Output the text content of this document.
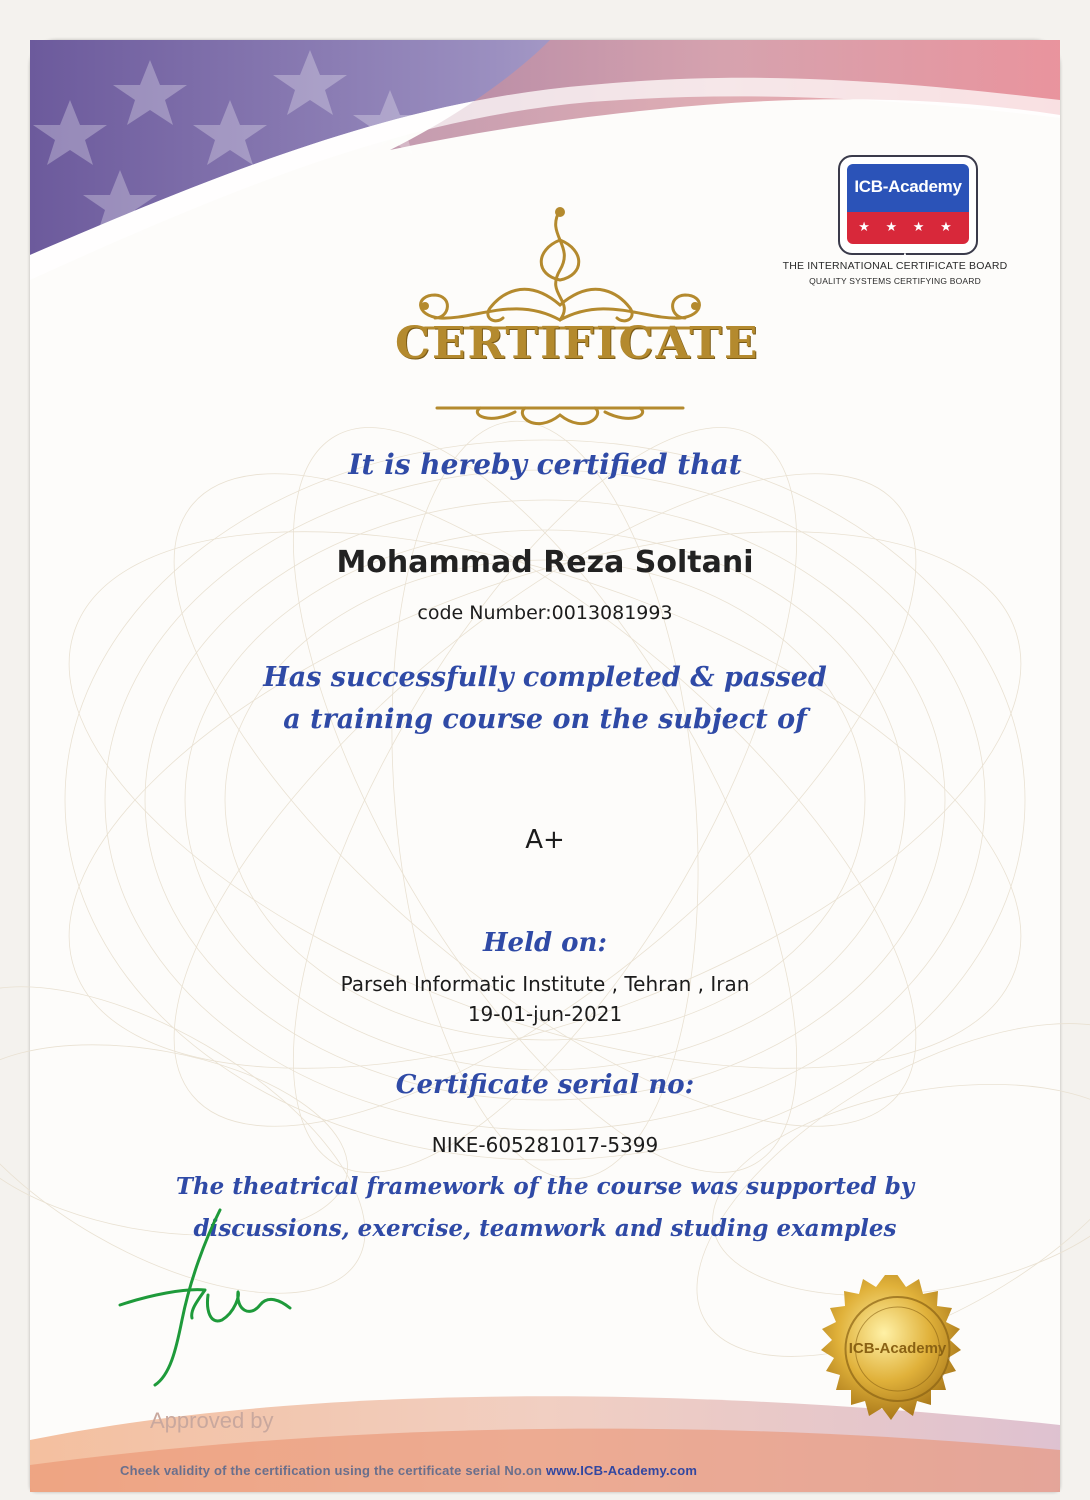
ICB-Academy
★ ★ ★ ★ ★
THE INTERNATIONAL CERTIFICATE BOARD
QUALITY SYSTEMS CERTIFYING BOARD
CERTIFICATE
It is hereby certified that
Mohammad Reza Soltani
code Number:0013081993
Has successfully completed & passed
a training course on the subject of
A+
Held on:
Parseh Informatic Institute , Tehran , Iran
19-01-jun-2021
Certificate serial no:
NIKE-605281017-5399
The theatrical framework of the course was supported by
discussions, exercise, teamwork and studing examples
Approved by
ICB-Academy
Cheek validity of the certification using the certificate serial No.on www.ICB-Academy.com
